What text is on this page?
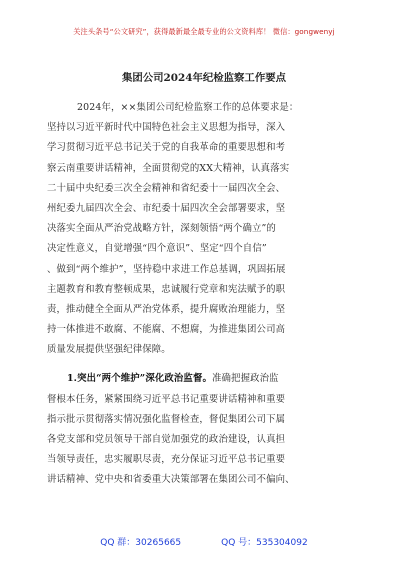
关注头条号“公文研究”，获得最新最全最专业的公文资料库！ 微信：gongwenyj
集团公司2024年纪检监察工作要点
2024年，××集团公司纪检监察工作的总体要求是：
坚持以习近平新时代中国特色社会主义思想为指导，深入
学习贯彻习近平总书记关于党的自我革命的重要思想和考
察云南重要讲话精神，全面贯彻党的XX大精神，认真落实
二十届中央纪委三次全会精神和省纪委十一届四次全会、
州纪委九届四次全会、市纪委十届四次全会部署要求，坚
决落实全面从严治党战略方针，深刻领悟“两个确立”的
决定性意义，自觉增强“四个意识”、坚定“四个自信”
、做到“两个维护”，坚持稳中求进工作总基调，巩固拓展
主题教育和教育整顿成果，忠诚履行党章和宪法赋予的职
责，推动健全全面从严治党体系，提升腐败治理能力，坚
持一体推进不敢腐、不能腐、不想腐，为推进集团公司高
质量发展提供坚强纪律保障。
1.突出“两个维护”深化政治监督。准确把握政治监
督根本任务，紧紧围绕习近平总书记重要讲话精神和重要
指示批示贯彻落实情况强化监督检查，督促集团公司下属
各党支部和党员领导干部自觉加强党的政治建设，认真担
当领导责任，忠实履职尽责，充分保证习近平总书记重要
讲话精神、党中央和省委重大决策部署在集团公司不偏向、
QQ 群：30265665	QQ 号：535304092
